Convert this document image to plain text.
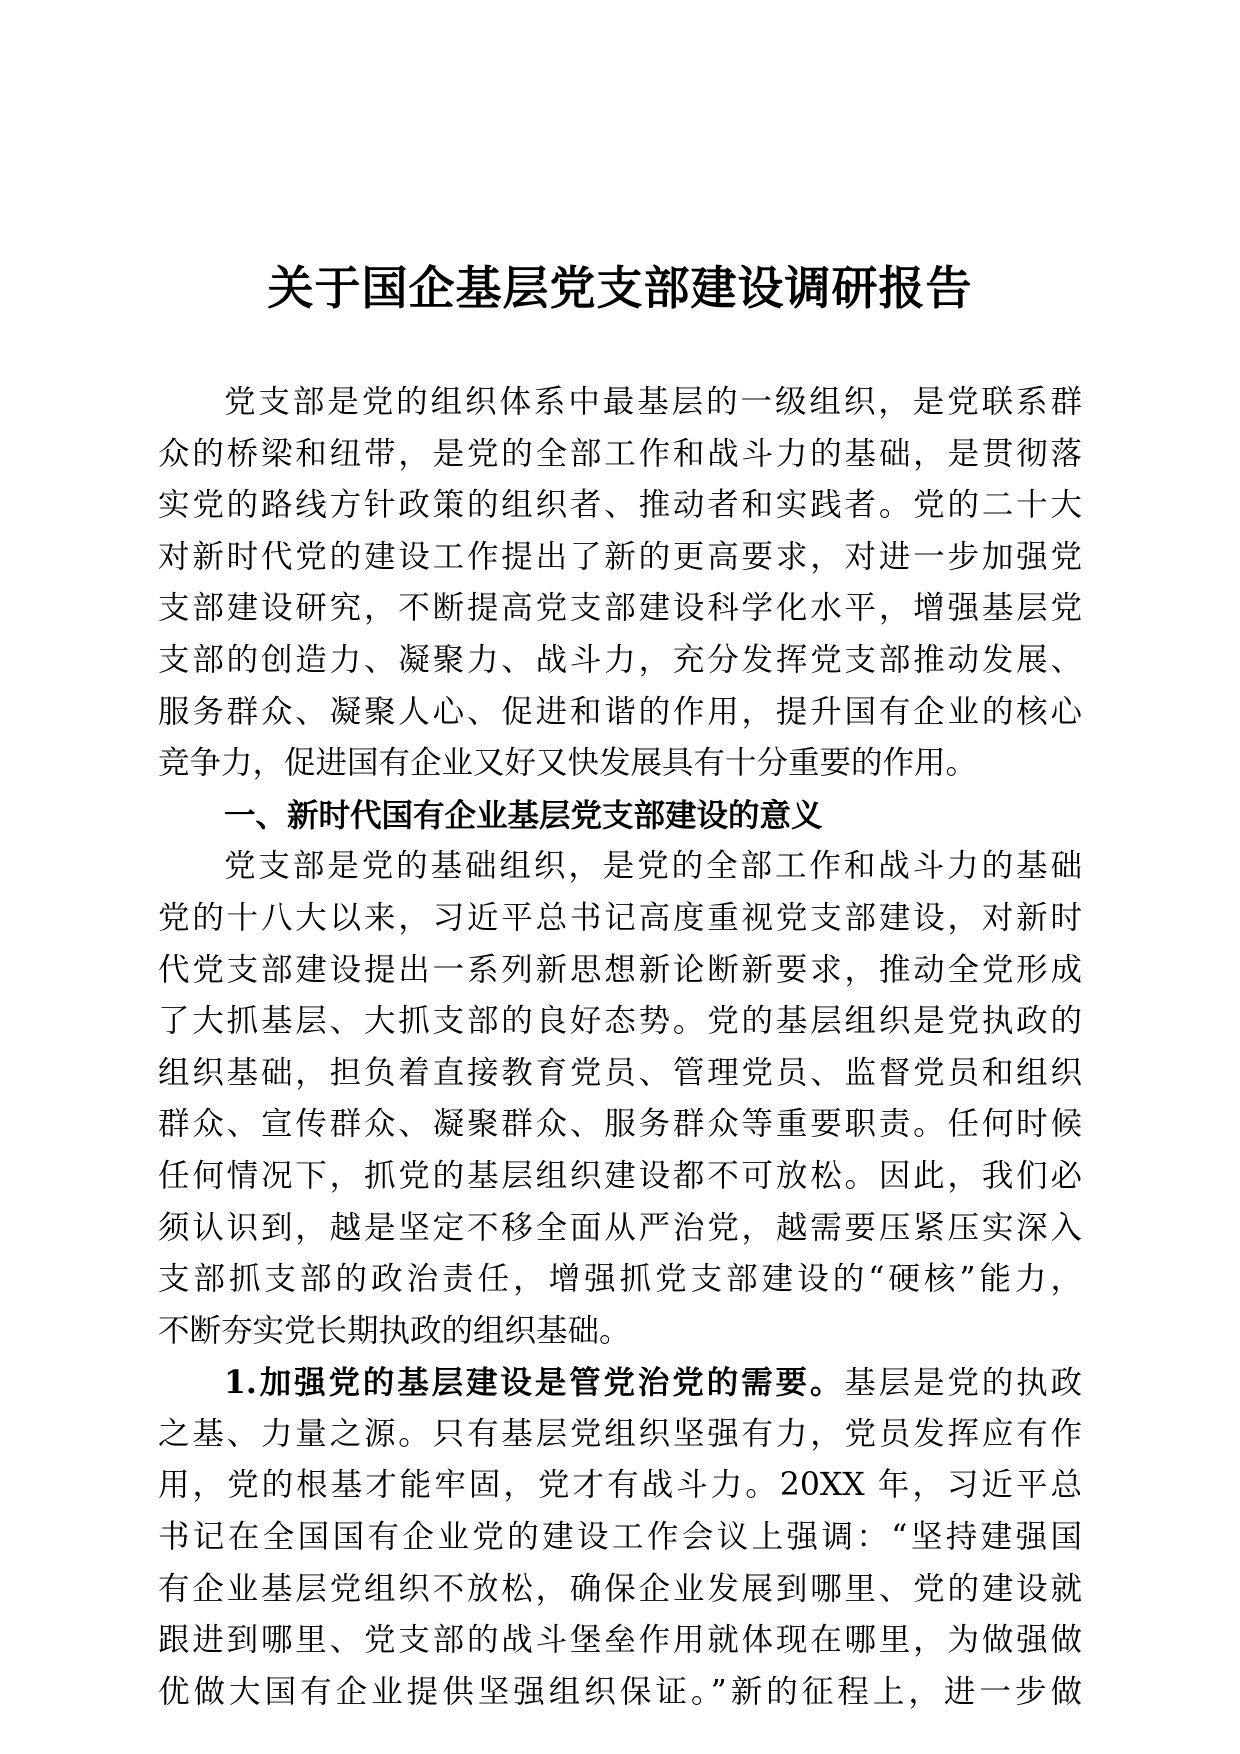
关于国企基层党支部建设调研报告
党支部是党的组织体系中最基层的一级组织，是党联系群
众的桥梁和纽带，是党的全部工作和战斗力的基础，是贯彻落
实党的路线方针政策的组织者、推动者和实践者。党的二十大
对新时代党的建设工作提出了新的更高要求，对进一步加强党
支部建设研究，不断提高党支部建设科学化水平，增强基层党
支部的创造力、凝聚力、战斗力，充分发挥党支部推动发展、
服务群众、凝聚人心、促进和谐的作用，提升国有企业的核心
竞争力，促进国有企业又好又快发展具有十分重要的作用。
一、新时代国有企业基层党支部建设的意义
党支部是党的基础组织，是党的全部工作和战斗力的基础
党的十八大以来，习近平总书记高度重视党支部建设，对新时
代党支部建设提出一系列新思想新论断新要求，推动全党形成
了大抓基层、大抓支部的良好态势。党的基层组织是党执政的
组织基础，担负着直接教育党员、管理党员、监督党员和组织
群众、宣传群众、凝聚群众、服务群众等重要职责。任何时候
任何情况下，抓党的基层组织建设都不可放松。因此，我们必
须认识到，越是坚定不移全面从严治党，越需要压紧压实深入
支部抓支部的政治责任，增强抓党支部建设的“硬核”能力，
不断夯实党长期执政的组织基础。
1.加强党的基层建设是管党治党的需要。基层是党的执政
之基、力量之源。只有基层党组织坚强有力，党员发挥应有作
用，党的根基才能牢固，党才有战斗力。20XX 年，习近平总
书记在全国国有企业党的建设工作会议上强调：“坚持建强国
有企业基层党组织不放松，确保企业发展到哪里、党的建设就
跟进到哪里、党支部的战斗堡垒作用就体现在哪里，为做强做
优做大国有企业提供坚强组织保证。”新的征程上，进一步做
